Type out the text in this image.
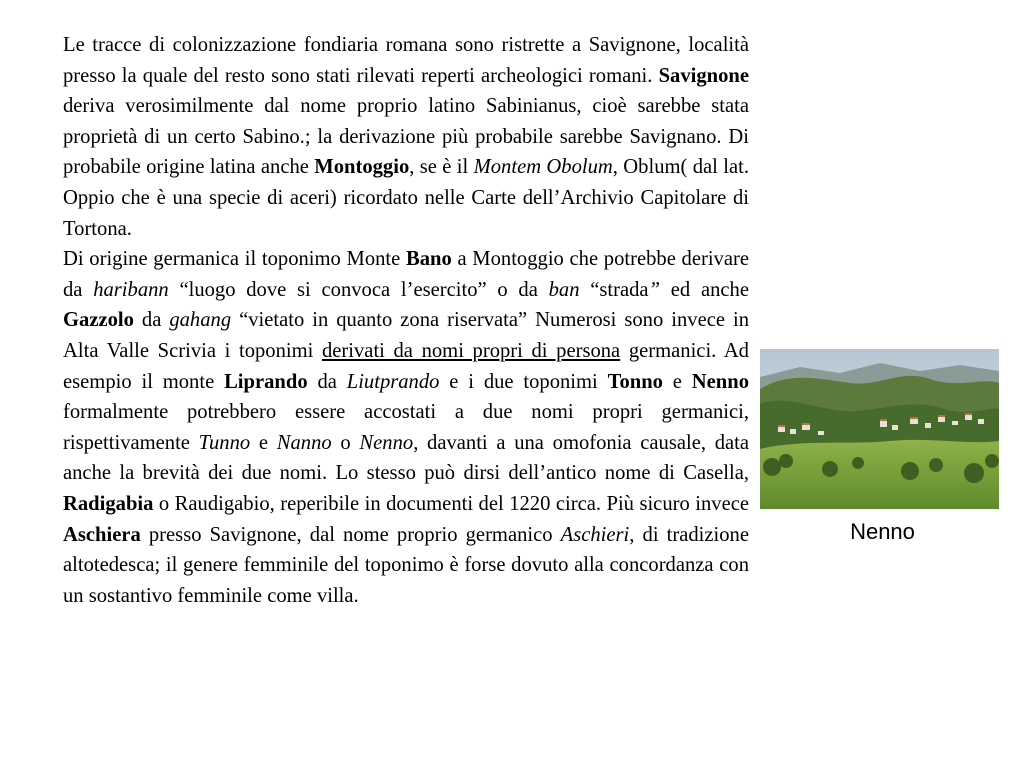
Le tracce di colonizzazione fondiaria romana sono ristrette a Savignone, località presso la quale del resto sono stati rilevati reperti archeologici romani. Savignone deriva verosimilmente dal nome proprio latino Sabinianus, cioè sarebbe stata proprietà di un certo Sabino.; la derivazione più probabile sarebbe Savignano. Di probabile origine latina anche Montoggio, se è il Montem Obolum, Oblum( dal lat. Oppio che è una specie di aceri) ricordato nelle Carte dell’Archivio Capitolare di Tortona.

Di origine germanica il toponimo Monte Bano a Montoggio che potrebbe derivare da haribann “luogo dove si convoca l’esercito” o da ban “strada” ed anche Gazzolo da gahang “vietato in quanto zona riservata” Numerosi sono invece in Alta Valle Scrivia i toponimi derivati da nomi propri di persona germanici. Ad esempio il monte Liprando da Liutprando e i due toponimi Tonno e Nenno formalmente potrebbero essere accostati a due nomi propri germanici, rispettivamente Tunno e Nanno o Nenno, davanti a una omofonia causale, data anche la brevità dei due nomi. Lo stesso può dirsi dell’antico nome di Casella, Radigabia o Raudigabio, reperibile in documenti del 1220 circa. Più sicuro invece Aschiera presso Savignone, dal nome proprio germanico Aschieri, di tradizione altotedesca; il genere femminile del toponimo è forse dovuto alla concordanza con un sostantivo femminile come villa.

Nenno
